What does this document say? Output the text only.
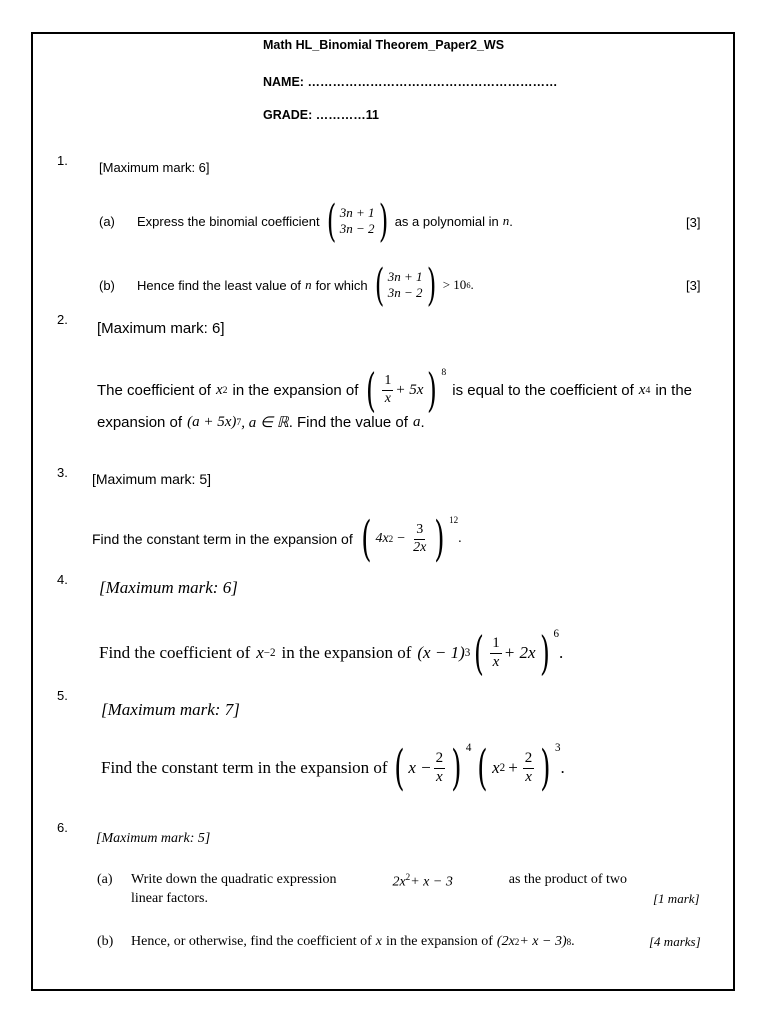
Math HL_Binomial Theorem_Paper2_WS
NAME: ……………………………………………………
GRADE: …………11
1. [Maximum mark: 6]
(a)	Express the binomial coefficient ( 3n + 1
3n − 2 ) as a polynomial in n .	[3]
(b)	Hence find the least value of n for which ( 3n + 1
3n − 2 ) > 10 6 .	[3]
2.
[Maximum mark: 6]
The coefficient of x 2 in the expansion of ( $\frac{1}{x} + 5x$ ) $^8$
is equal to the coefficient of x 4 in the
expansion of (a + 5x) 7 , a ∈ ℝ . Find the value of a .
3. [Maximum mark: 5]
Find the constant term in the expansion of ( 4x $2 - \frac{3}{2x}$ ) $^{12}$
.
4. [Maximum mark: 6]
Find the coefficient of x −2 in the expansion of (x − 1) 3 ( $\frac{1}{x} + 2x$ ) $^6$
.
5.
[Maximum mark: 7]
Find the constant term in the expansion of ( $x - \frac{2}{x}$ ) $^4$ ( x $2 + \frac{2}{x}$ ) $^3$
.
6.
[Maximum mark: 5]
(a)	Write down the quadratic expression	$2x^2+ x - 3$	as the product of two
linear factors.	[1 mark]
(b)	Hence, or otherwise, find the coefficient of x in the expansion of (2x 2 + x − 3) 8 .	[4 marks]
